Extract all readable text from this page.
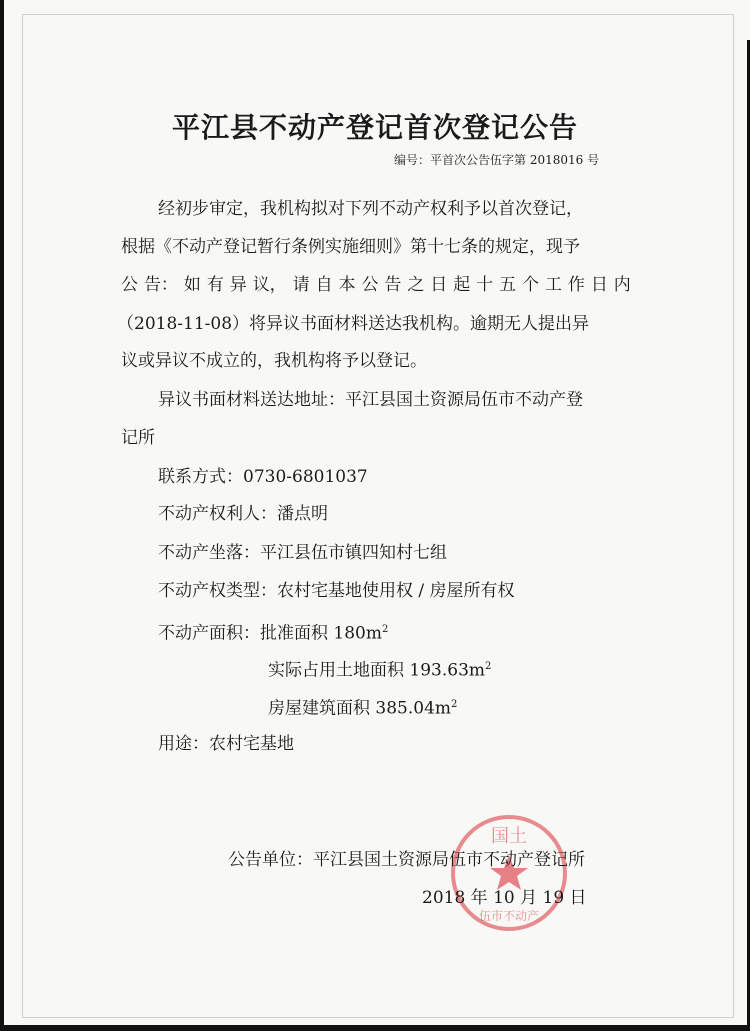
平江县不动产登记首次登记公告
编号：平首次公告伍字第 2018016 号
经初步审定，我机构拟对下列不动产权利予以首次登记，
根据《不动产登记暂行条例实施细则》第十七条的规定，现予
公 告： 如 有 异 议， 请 自 本 公 告 之 日 起 十 五 个 工 作 日 内
（2018-11-08）将异议书面材料送达我机构。逾期无人提出异
议或异议不成立的，我机构将予以登记。
异议书面材料送达地址：平江县国土资源局伍市不动产登
记所
联系方式：0730-6801037
不动产权利人：潘点明
不动产坐落：平江县伍市镇四知村七组
不动产权类型：农村宅基地使用权 / 房屋所有权
不动产面积：批准面积 $180m^2$
实际占用土地面积 $193.63m^2$
房屋建筑面积 $385.04m^2$
用途：农村宅基地
国土
伍市不动产
公告单位：平江县国土资源局伍市不动产登记所
2018 年 10 月 19 日
